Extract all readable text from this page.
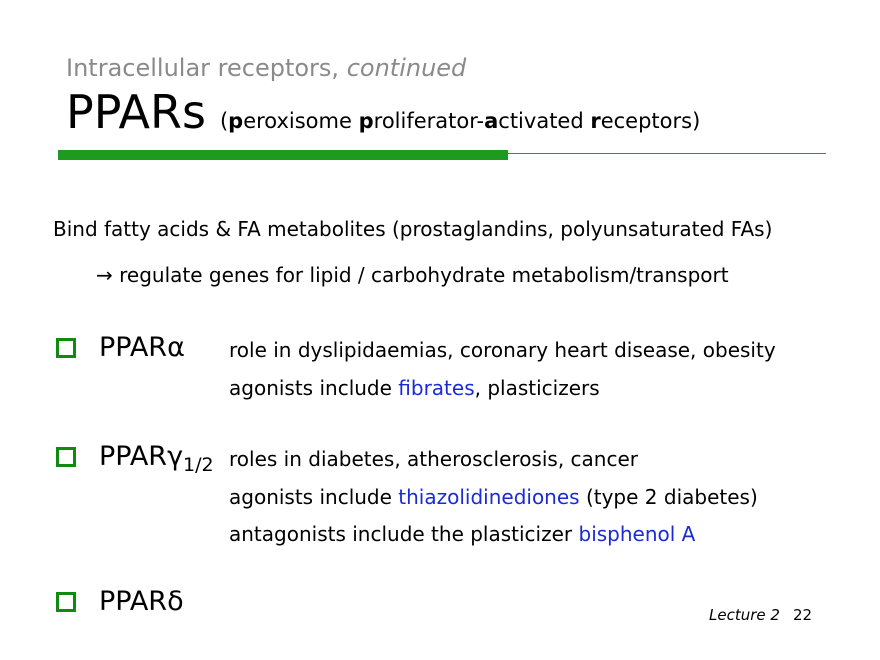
Intracellular receptors, continued
PPARs (peroxisome proliferator-activated receptors)
Bind fatty acids & FA metabolites (prostaglandins, polyunsaturated FAs)
→ regulate genes for lipid / carbohydrate metabolism/transport
PPARα role in dyslipidaemias, coronary heart disease, obesity
agonists include fibrates, plasticizers
PPARγ$_{1/2}$ roles in diabetes, atherosclerosis, cancer
agonists include thiazolidinediones (type 2 diabetes)
antagonists include the plasticizer bisphenol A
PPARδ	Lecture 2 22
